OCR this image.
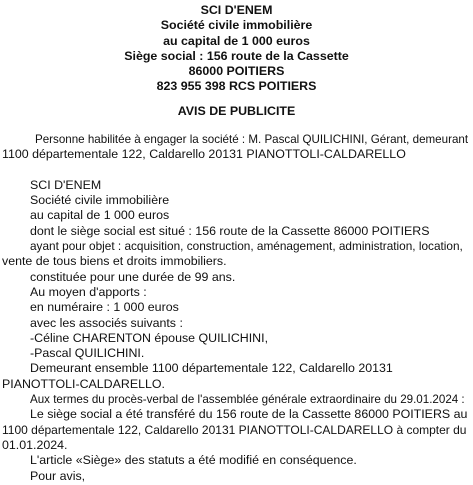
SCI D'ENEM
Société civile immobilière
au capital de 1 000 euros
Siège social : 156 route de la Cassette
86000 POITIERS
823 955 398 RCS POITIERS
AVIS DE PUBLICITE
Personne habilitée à engager la société : M. Pascal QUILICHINI, Gérant, demeurant
1100 départementale 122, Caldarello 20131 PIANOTTOLI-CALDARELLO
SCI D'ENEM
Société civile immobilière
au capital de 1 000 euros
dont le siège social est situé : 156 route de la Cassette 86000 POITIERS
ayant pour objet : acquisition, construction, aménagement, administration, location,
vente de tous biens et droits immobiliers.
constituée pour une durée de 99 ans.
Au moyen d'apports :
en numéraire : 1 000 euros
avec les associés suivants :
-Céline CHARENTON épouse QUILICHINI,
-Pascal QUILICHINI.
Demeurant ensemble 1100 départementale 122, Caldarello 20131
PIANOTTOLI-CALDARELLO.
Aux termes du procès-verbal de l'assemblée générale extraordinaire du 29.01.2024 :
Le siège social a été transféré du 156 route de la Cassette 86000 POITIERS au
1100 départementale 122, Caldarello 20131 PIANOTTOLI-CALDARELLO à compter du
01.01.2024.
L'article «Siège» des statuts a été modifié en conséquence.
Pour avis,
